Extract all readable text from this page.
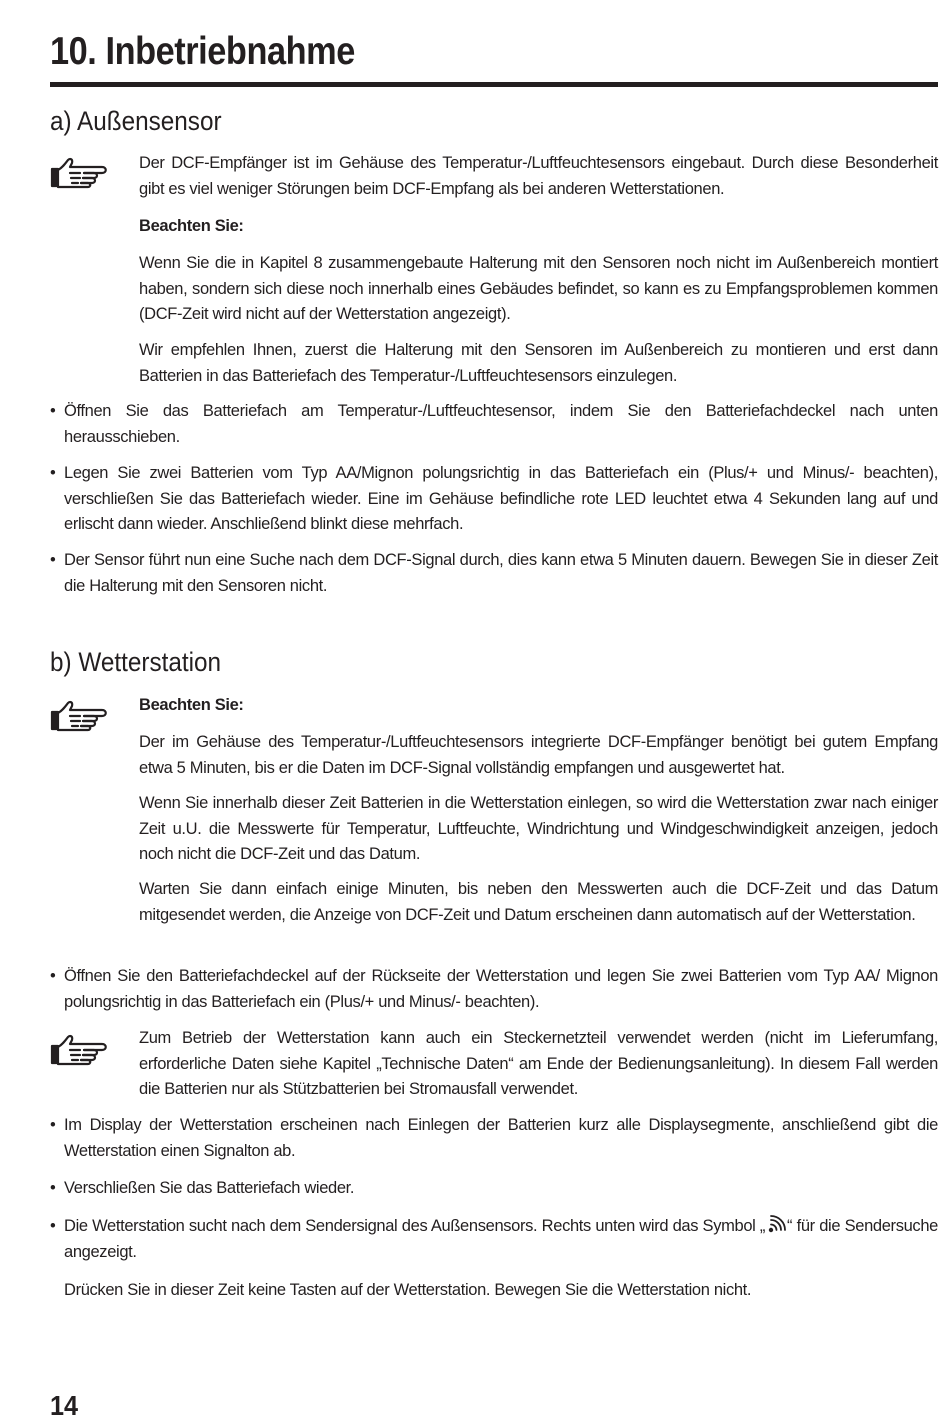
10. Inbetriebnahme
a) Außensensor

Der DCF-Empfänger ist im Gehäuse des Temperatur-/Luftfeuchtesensors eingebaut. Durch diese Besonderheit gibt es viel weniger Störungen beim DCF-Empfang als bei anderen Wetterstationen.

Beachten Sie:

Wenn Sie die in Kapitel 8 zusammengebaute Halterung mit den Sensoren noch nicht im Außenbereich montiert haben, sondern sich diese noch innerhalb eines Gebäudes befindet, so kann es zu Empfangsproblemen kommen (DCF-Zeit wird nicht auf der Wetterstation angezeigt).

Wir empfehlen Ihnen, zuerst die Halterung mit den Sensoren im Außenbereich zu montieren und erst dann Batterien in das Batteriefach des Temperatur-/Luftfeuchtesensors einzulegen.

• Öffnen Sie das Batteriefach am Temperatur-/Luftfeuchtesensor, indem Sie den Batteriefachdeckel nach unten herausschieben.

• Legen Sie zwei Batterien vom Typ AA/Mignon polungsrichtig in das Batteriefach ein (Plus/+ und Minus/- beachten), verschließen Sie das Batteriefach wieder. Eine im Gehäuse befindliche rote LED leuchtet etwa 4 Sekunden lang auf und erlischt dann wieder. Anschließend blinkt diese mehrfach.

• Der Sensor führt nun eine Suche nach dem DCF-Signal durch, dies kann etwa 5 Minuten dauern. Bewegen Sie in dieser Zeit die Halterung mit den Sensoren nicht.

b) Wetterstation

Beachten Sie:

Der im Gehäuse des Temperatur-/Luftfeuchtesensors integrierte DCF-Empfänger benötigt bei gutem Empfang etwa 5 Minuten, bis er die Daten im DCF-Signal vollständig empfangen und ausgewertet hat.

Wenn Sie innerhalb dieser Zeit Batterien in die Wetterstation einlegen, so wird die Wetterstation zwar nach einiger Zeit u.U. die Messwerte für Temperatur, Luftfeuchte, Windrichtung und Windgeschwindigkeit anzeigen, jedoch noch nicht die DCF-Zeit und das Datum.

Warten Sie dann einfach einige Minuten, bis neben den Messwerten auch die DCF-Zeit und das Datum mitgesendet werden, die Anzeige von DCF-Zeit und Datum erscheinen dann automatisch auf der Wetterstation.

• Öffnen Sie den Batteriefachdeckel auf der Rückseite der Wetterstation und legen Sie zwei Batterien vom Typ AA/ Mignon polungsrichtig in das Batteriefach ein (Plus/+ und Minus/- beachten).

Zum Betrieb der Wetterstation kann auch ein Steckernetzteil verwendet werden (nicht im Lieferumfang, erforderliche Daten siehe Kapitel „Technische Daten“ am Ende der Bedienungsanleitung). In diesem Fall werden die Batterien nur als Stützbatterien bei Stromausfall verwendet.

• Im Display der Wetterstation erscheinen nach Einlegen der Batterien kurz alle Displaysegmente, anschließend gibt die Wetterstation einen Signalton ab.

• Verschließen Sie das Batteriefach wieder.

• Die Wetterstation sucht nach dem Sendersignal des Außensensors. Rechts unten wird das Symbol „ “ für die Sendersuche angezeigt.

Drücken Sie in dieser Zeit keine Tasten auf der Wetterstation. Bewegen Sie die Wetterstation nicht.

14
